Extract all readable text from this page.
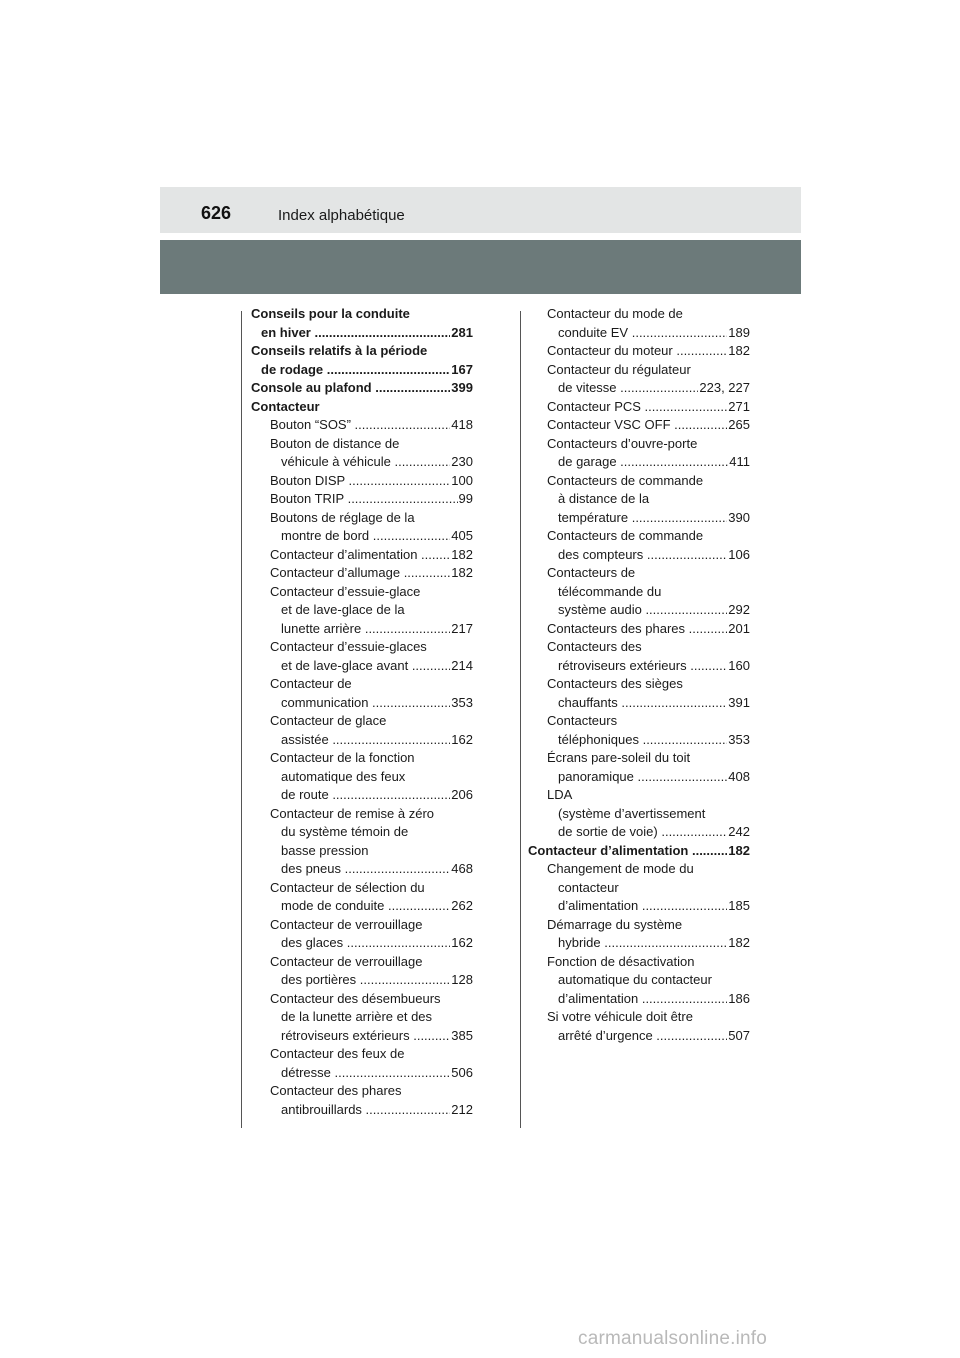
626	Index alphabétique
Conseils pour la conduite
en hiver .....	281
Conseils relatifs à la période
de rodage .....	167
Console au plafond .....	399
Contacteur
Bouton “SOS” .....	418
Bouton de distance de
véhicule à véhicule .....	230
Bouton DISP .....	100
Bouton TRIP .....	99
Boutons de réglage de la
montre de bord .....	405
Contacteur d’alimentation .....	182
Contacteur d’allumage .....	182
Contacteur d’essuie-glace
et de lave-glace de la
lunette arrière .....	217
Contacteur d’essuie-glaces
et de lave-glace avant .....	214
Contacteur de
communication .....	353
Contacteur de glace
assistée .....	162
Contacteur de la fonction
automatique des feux
de route .....	206
Contacteur de remise à zéro
du système témoin de
basse pression
des pneus .....	468
Contacteur de sélection du
mode de conduite .....	262
Contacteur de verrouillage
des glaces .....	162
Contacteur de verrouillage
des portières .....	128
Contacteur des désembueurs
de la lunette arrière et des
rétroviseurs extérieurs .....	385
Contacteur des feux de
détresse .....	506
Contacteur des phares
antibrouillards .....	212
Contacteur du mode de
conduite EV .....	189
Contacteur du moteur .....	182
Contacteur du régulateur
de vitesse .....	223, 227
Contacteur PCS .....	271
Contacteur VSC OFF .....	265
Contacteurs d’ouvre-porte
de garage .....	411
Contacteurs de commande
à distance de la
température .....	390
Contacteurs de commande
des compteurs .....	106
Contacteurs de
télécommande du
système audio .....	292
Contacteurs des phares .....	201
Contacteurs des
rétroviseurs extérieurs .....	160
Contacteurs des sièges
chauffants .....	391
Contacteurs
téléphoniques .....	353
Écrans pare-soleil du toit
panoramique .....	408
LDA
(système d’avertissement
de sortie de voie) .....	242
Contacteur d’alimentation .....	182
Changement de mode du
contacteur
d’alimentation .....	185
Démarrage du système
hybride .....	182
Fonction de désactivation
automatique du contacteur
d’alimentation .....	186
Si votre véhicule doit être
arrêté d’urgence .....	507
carmanualsonline.info
